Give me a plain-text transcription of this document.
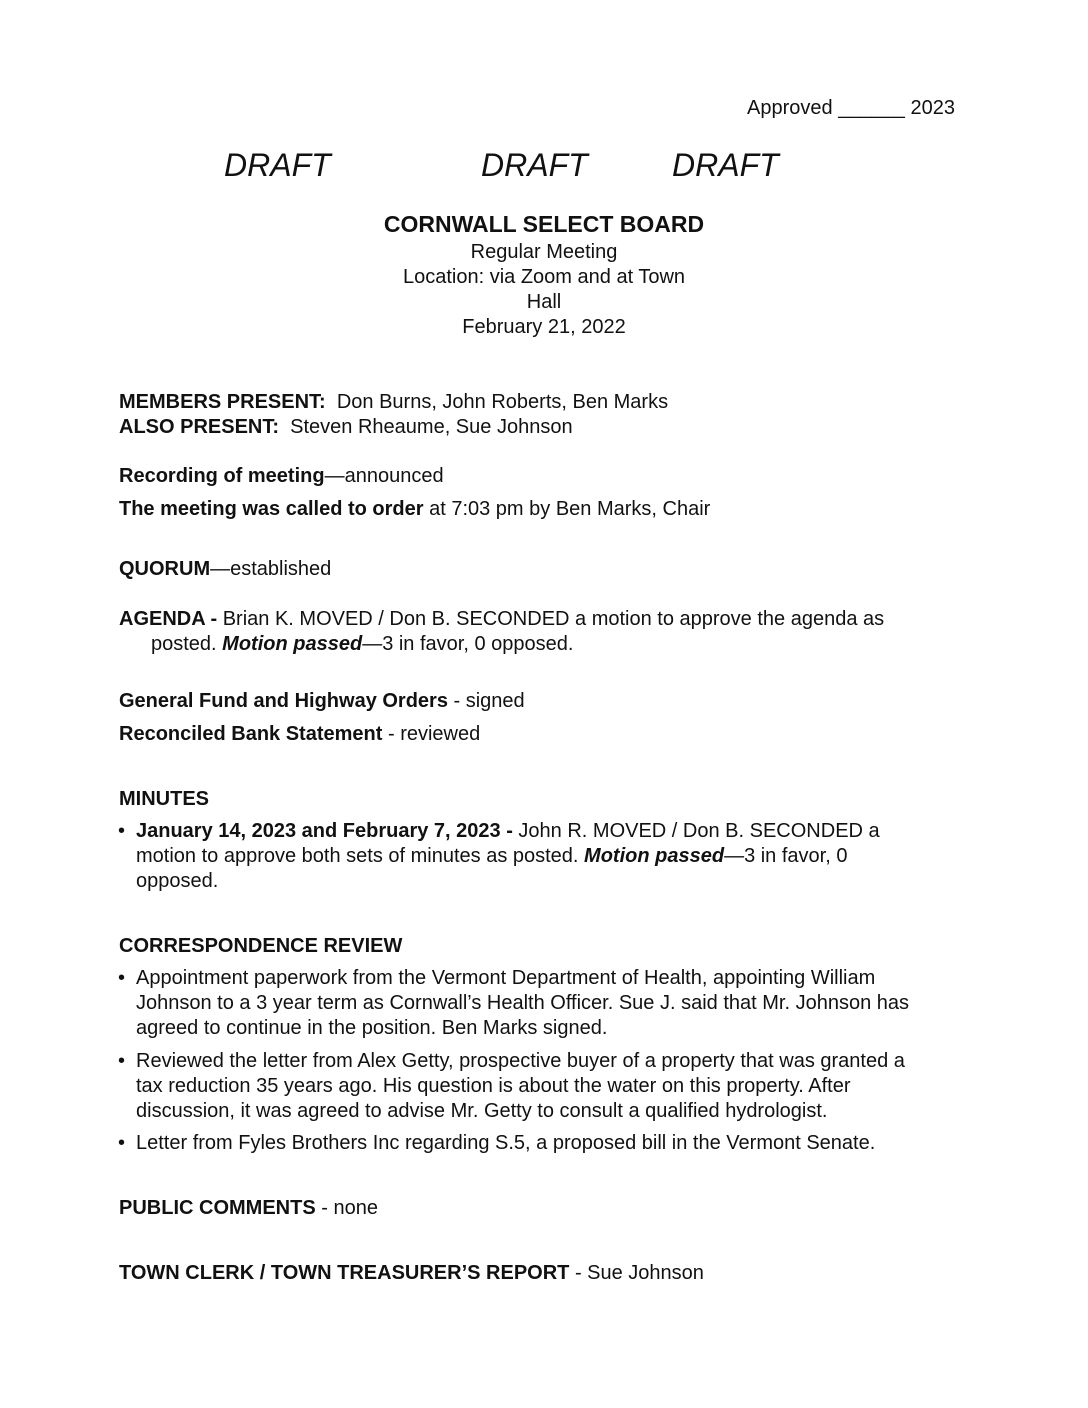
Approved ______ 2023
DRAFT	DRAFT	DRAFT
CORNWALL SELECT BOARD
Regular Meeting
Location: via Zoom and at Town
Hall
February 21, 2022
MEMBERS PRESENT: Don Burns, John Roberts, Ben Marks
ALSO PRESENT: Steven Rheaume, Sue Johnson
Recording of meeting—announced
The meeting was called to order at 7:03 pm by Ben Marks, Chair
QUORUM—established
AGENDA - Brian K. MOVED / Don B. SECONDED a motion to approve the agenda as
posted. Motion passed—3 in favor, 0 opposed.
General Fund and Highway Orders - signed
Reconciled Bank Statement - reviewed
MINUTES
• January 14, 2023 and February 7, 2023 - John R. MOVED / Don B. SECONDED a
motion to approve both sets of minutes as posted. Motion passed—3 in favor, 0
opposed.
CORRESPONDENCE REVIEW
• Appointment paperwork from the Vermont Department of Health, appointing William
Johnson to a 3 year term as Cornwall’s Health Officer. Sue J. said that Mr. Johnson has
agreed to continue in the position. Ben Marks signed.
• Reviewed the letter from Alex Getty, prospective buyer of a property that was granted a
tax reduction 35 years ago. His question is about the water on this property. After
discussion, it was agreed to advise Mr. Getty to consult a qualified hydrologist.
• Letter from Fyles Brothers Inc regarding S.5, a proposed bill in the Vermont Senate.
PUBLIC COMMENTS - none
TOWN CLERK / TOWN TREASURER’S REPORT - Sue Johnson
